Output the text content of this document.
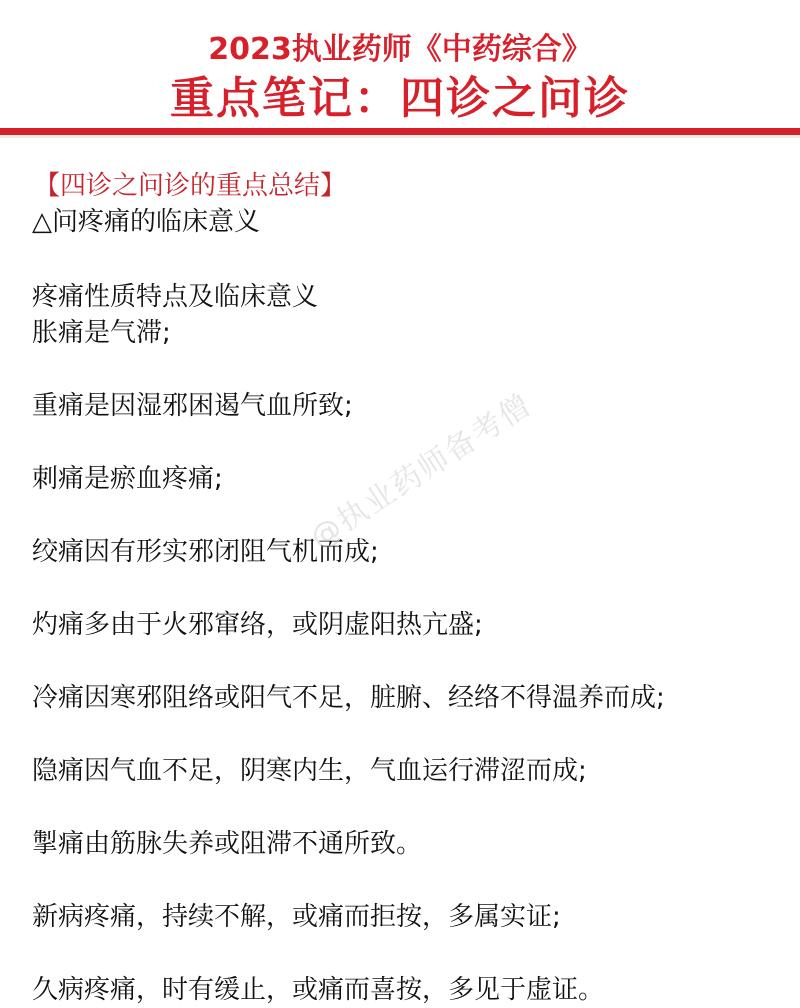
2023执业药师《中药综合》
重点笔记：四诊之问诊
【四诊之问诊的重点总结】
△问疼痛的临床意义
疼痛性质特点及临床意义
胀痛是气滞;
重痛是因湿邪困遏气血所致;
刺痛是瘀血疼痛;
绞痛因有形实邪闭阻气机而成;
灼痛多由于火邪窜络，或阴虚阳热亢盛;
冷痛因寒邪阻络或阳气不足，脏腑、经络不得温养而成;
隐痛因气血不足，阴寒内生，气血运行滞涩而成;
掣痛由筋脉失养或阻滞不通所致。
新病疼痛，持续不解，或痛而拒按，多属实证;
久病疼痛，时有缓止，或痛而喜按，多见于虚证。
@执业药师备考僧
